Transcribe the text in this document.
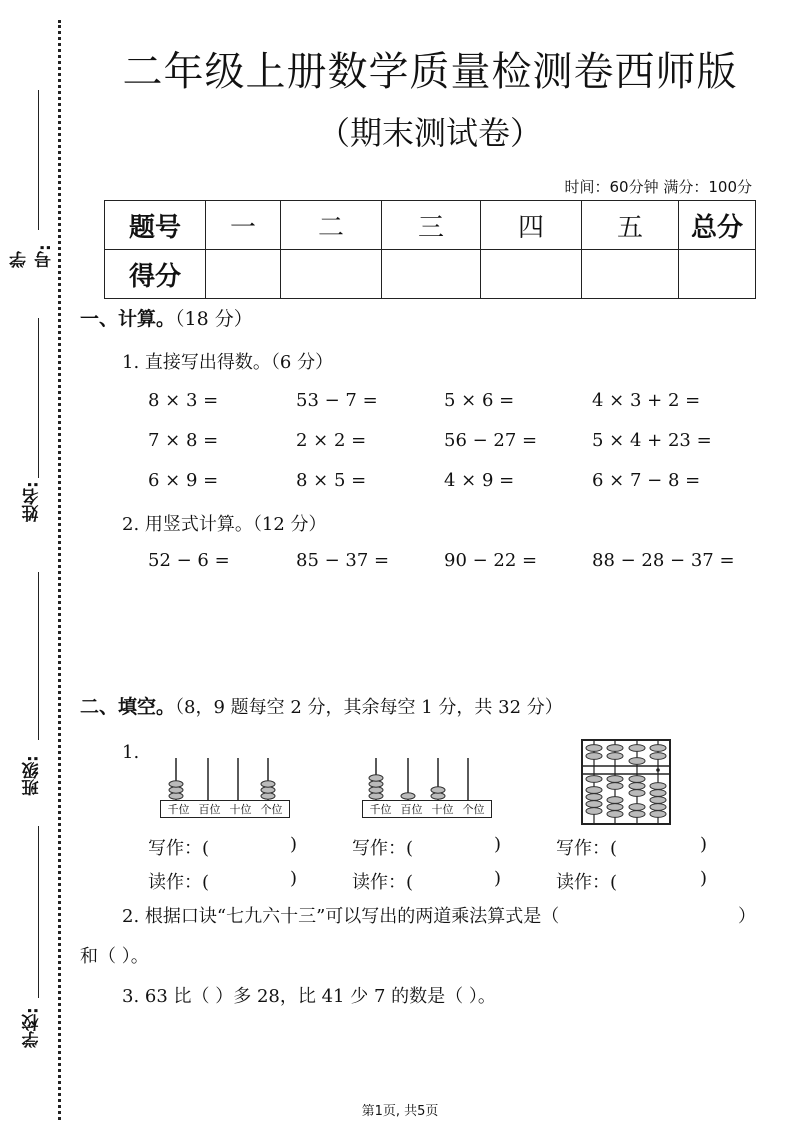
学号:
姓名:
班级:
学校:
二年级上册数学质量检测卷西师版
（期末测试卷）
时间：60分钟 满分：100分
题号	一	二	三	四	五	总分
得分						
一、计算。（18 分）
1. 直接写出得数。（6 分）
8 × 3 =	53 − 7 =	5 × 6 =	4 × 3 + 2 =
7 × 8 =	2 × 2 =	56 − 27 =	5 × 4 + 23 =
6 × 9 =	8 × 5 =	4 × 9 =	6 × 7 − 8 =
2. 用竖式计算。（12 分）
52 − 6 =	85 − 37 =	90 − 22 =	88 − 28 − 37 =
二、填空。（8，9 题每空 2 分，其余每空 1 分，共 32 分）
1.
千位 百位 十位 个位	千位 百位 十位 个位
写作：(	)	写作：(	)	写作：(	)
读作：(	)	读作：(	)	读作：(	)
2. 根据口诀“七九六十三”可以写出的两道乘法算式是（	）
和（ ）。
3. 63 比（ ）多 28，比 41 少 7 的数是（ ）。
第1页, 共5页
